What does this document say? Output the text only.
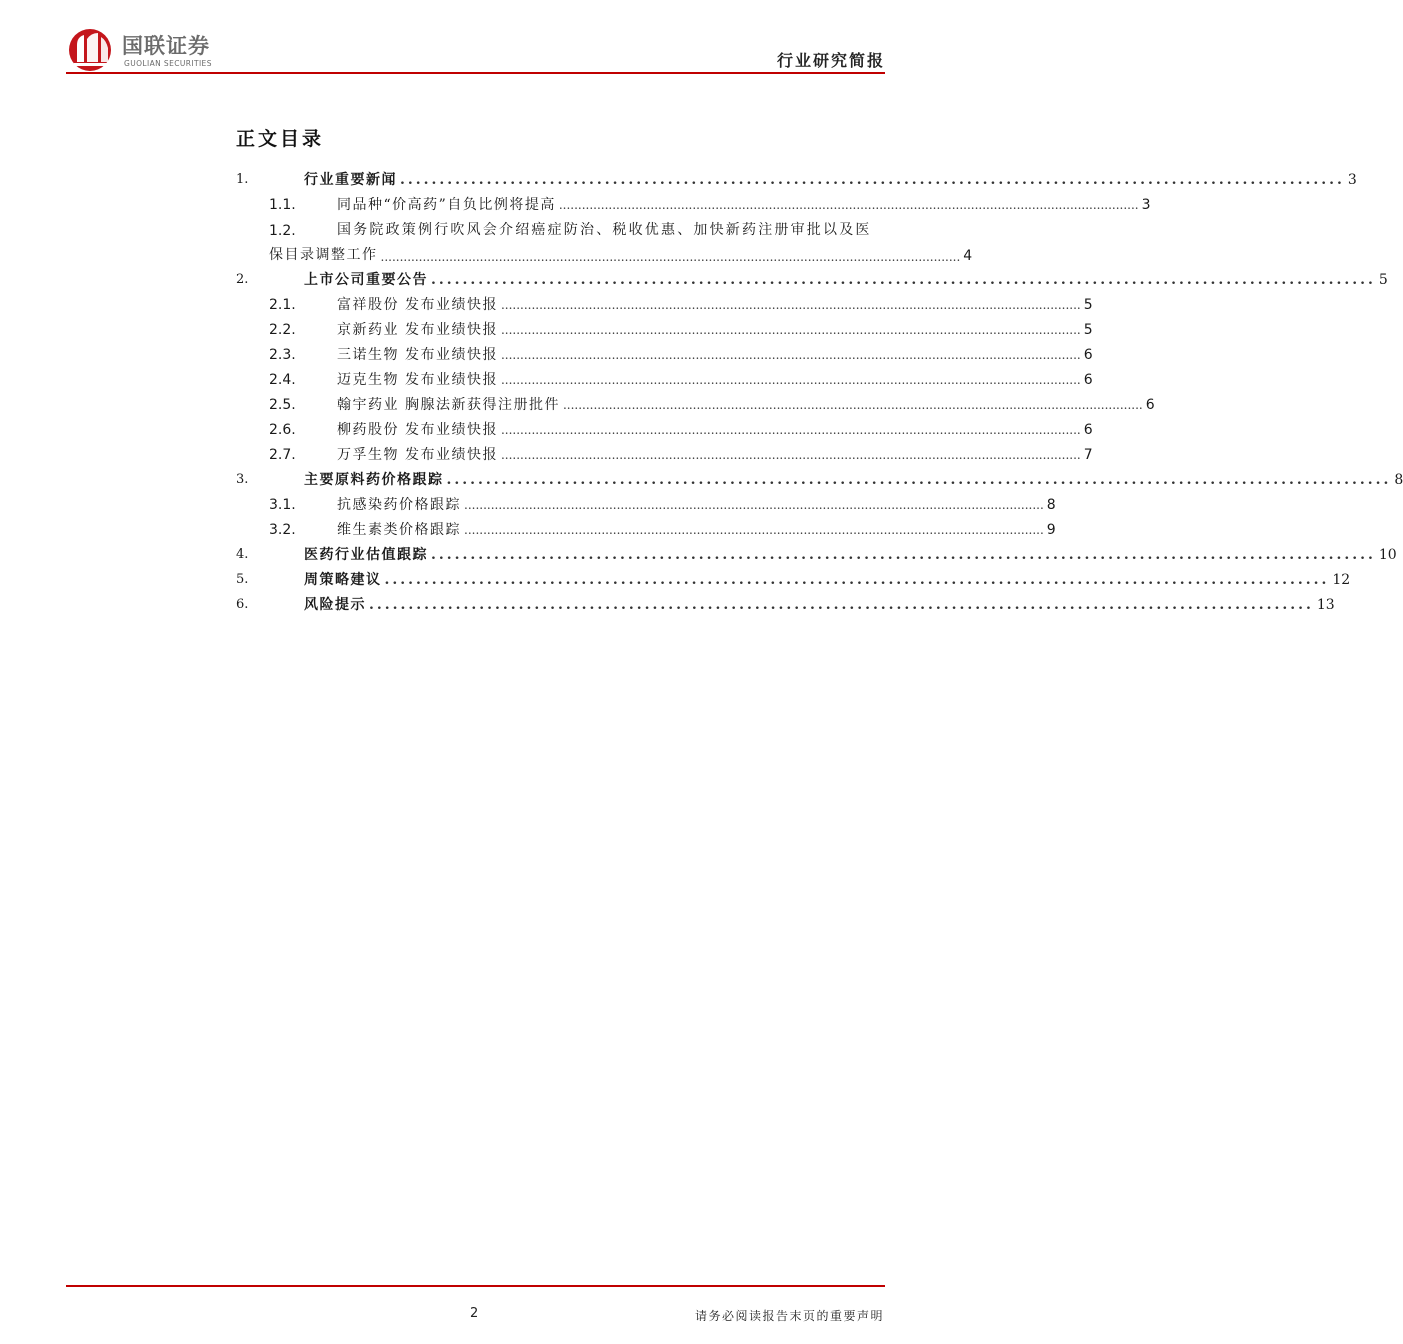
国联证券
GUOLIAN SECURITIES	行业研究简报
正文目录
1.	行业重要新闻 ........................................................................................................................ 3
1.1.	同品种“价高药”自负比例将提高 ........................................................................................................................................................ 3
1.2.	国务院政策例行吹风会介绍癌症防治、税收优惠、加快新药注册审批以及医
保目录调整工作 ........................................................................................................................................................ 4
2.	上市公司重要公告 ........................................................................................................................ 5
2.1.	富祥股份 发布业绩快报 ........................................................................................................................................................ 5
2.2.	京新药业 发布业绩快报 ........................................................................................................................................................ 5
2.3.	三诺生物 发布业绩快报 ........................................................................................................................................................ 6
2.4.	迈克生物 发布业绩快报 ........................................................................................................................................................ 6
2.5.	翰宇药业 胸腺法新获得注册批件 ........................................................................................................................................................ 6
2.6.	柳药股份 发布业绩快报 ........................................................................................................................................................ 6
2.7.	万孚生物 发布业绩快报 ........................................................................................................................................................ 7
3.	主要原料药价格跟踪 ........................................................................................................................ 8
3.1.	抗感染药价格跟踪 ........................................................................................................................................................ 8
3.2.	维生素类价格跟踪 ........................................................................................................................................................ 9
4.	医药行业估值跟踪 ........................................................................................................................ 10
5.	周策略建议 ........................................................................................................................ 12
6.	风险提示 ........................................................................................................................ 13
2	请务必阅读报告末页的重要声明
